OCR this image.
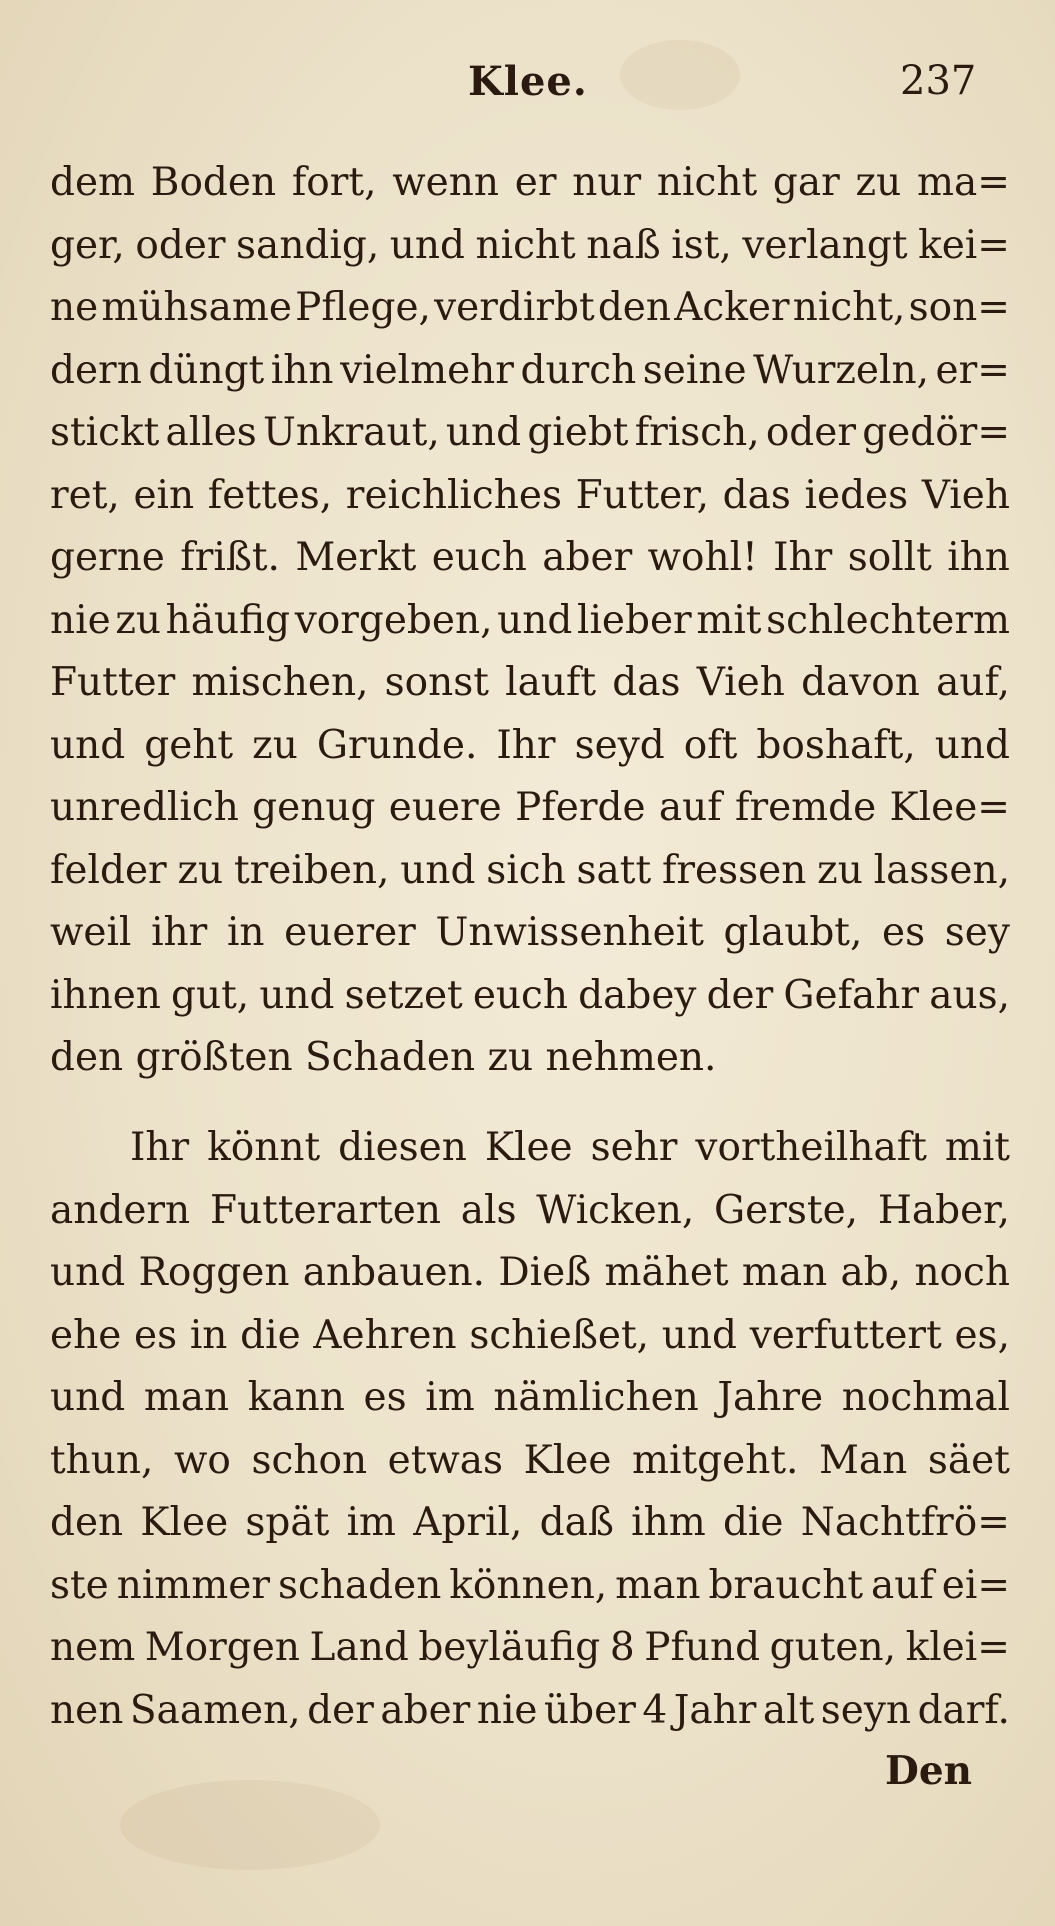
Klee.	237
dem Boden fort, wenn er nur nicht gar zu ma=
ger, oder sandig, und nicht naß ist, verlangt kei=
ne mühsame Pflege, verdirbt den Acker nicht, son=
dern düngt ihn vielmehr durch seine Wurzeln, er=
stickt alles Unkraut, und giebt frisch, oder gedör=
ret, ein fettes, reichliches Futter, das iedes Vieh
gerne frißt. Merkt euch aber wohl! Ihr sollt ihn
nie zu häufig vorgeben, und lieber mit schlechterm
Futter mischen, sonst lauft das Vieh davon auf,
und geht zu Grunde. Ihr seyd oft boshaft, und
unredlich genug euere Pferde auf fremde Klee=
felder zu treiben, und sich satt fressen zu lassen,
weil ihr in euerer Unwissenheit glaubt, es sey
ihnen gut, und setzet euch dabey der Gefahr aus,
den größten Schaden zu nehmen.
Ihr könnt diesen Klee sehr vortheilhaft mit
andern Futterarten als Wicken, Gerste, Haber,
und Roggen anbauen. Dieß mähet man ab, noch
ehe es in die Aehren schießet, und verfuttert es,
und man kann es im nämlichen Jahre nochmal
thun, wo schon etwas Klee mitgeht. Man säet
den Klee spät im April, daß ihm die Nachtfrö=
ste nimmer schaden können, man braucht auf ei=
nem Morgen Land beyläufig 8 Pfund guten, klei=
nen Saamen, der aber nie über 4 Jahr alt seyn darf.
Den
